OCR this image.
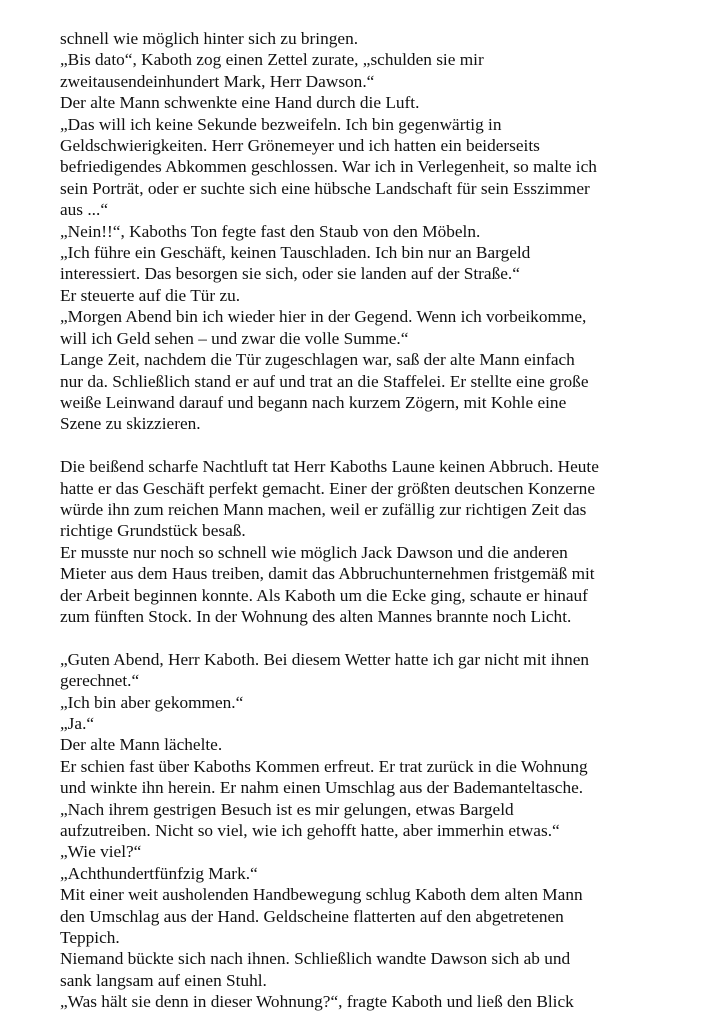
schnell wie möglich hinter sich zu bringen.
„Bis dato“, Kaboth zog einen Zettel zurate, „schulden sie mir
zweitausendeinhundert Mark, Herr Dawson.“
Der alte Mann schwenkte eine Hand durch die Luft.
„Das will ich keine Sekunde bezweifeln. Ich bin gegenwärtig in
Geldschwierigkeiten. Herr Grönemeyer und ich hatten ein beiderseits
befriedigendes Abkommen geschlossen. War ich in Verlegenheit, so malte ich
sein Porträt, oder er suchte sich eine hübsche Landschaft für sein Esszimmer
aus ...“
„Nein!!“, Kaboths Ton fegte fast den Staub von den Möbeln.
„Ich führe ein Geschäft, keinen Tauschladen. Ich bin nur an Bargeld
interessiert. Das besorgen sie sich, oder sie landen auf der Straße.“
Er steuerte auf die Tür zu.
„Morgen Abend bin ich wieder hier in der Gegend. Wenn ich vorbeikomme,
will ich Geld sehen – und zwar die volle Summe.“
Lange Zeit, nachdem die Tür zugeschlagen war, saß der alte Mann einfach
nur da. Schließlich stand er auf und trat an die Staffelei. Er stellte eine große
weiße Leinwand darauf und begann nach kurzem Zögern, mit Kohle eine
Szene zu skizzieren.
Die beißend scharfe Nachtluft tat Herr Kaboths Laune keinen Abbruch. Heute
hatte er das Geschäft perfekt gemacht. Einer der größten deutschen Konzerne
würde ihn zum reichen Mann machen, weil er zufällig zur richtigen Zeit das
richtige Grundstück besaß.
Er musste nur noch so schnell wie möglich Jack Dawson und die anderen
Mieter aus dem Haus treiben, damit das Abbruchunternehmen fristgemäß mit
der Arbeit beginnen konnte. Als Kaboth um die Ecke ging, schaute er hinauf
zum fünften Stock. In der Wohnung des alten Mannes brannte noch Licht.
„Guten Abend, Herr Kaboth. Bei diesem Wetter hatte ich gar nicht mit ihnen
gerechnet.“
„Ich bin aber gekommen.“
„Ja.“
Der alte Mann lächelte.
Er schien fast über Kaboths Kommen erfreut. Er trat zurück in die Wohnung
und winkte ihn herein. Er nahm einen Umschlag aus der Bademanteltasche.
„Nach ihrem gestrigen Besuch ist es mir gelungen, etwas Bargeld
aufzutreiben. Nicht so viel, wie ich gehofft hatte, aber immerhin etwas.“
„Wie viel?“
„Achthundertfünfzig Mark.“
Mit einer weit ausholenden Handbewegung schlug Kaboth dem alten Mann
den Umschlag aus der Hand. Geldscheine flatterten auf den abgetretenen
Teppich.
Niemand bückte sich nach ihnen. Schließlich wandte Dawson sich ab und
sank langsam auf einen Stuhl.
„Was hält sie denn in dieser Wohnung?“, fragte Kaboth und ließ den Blick
